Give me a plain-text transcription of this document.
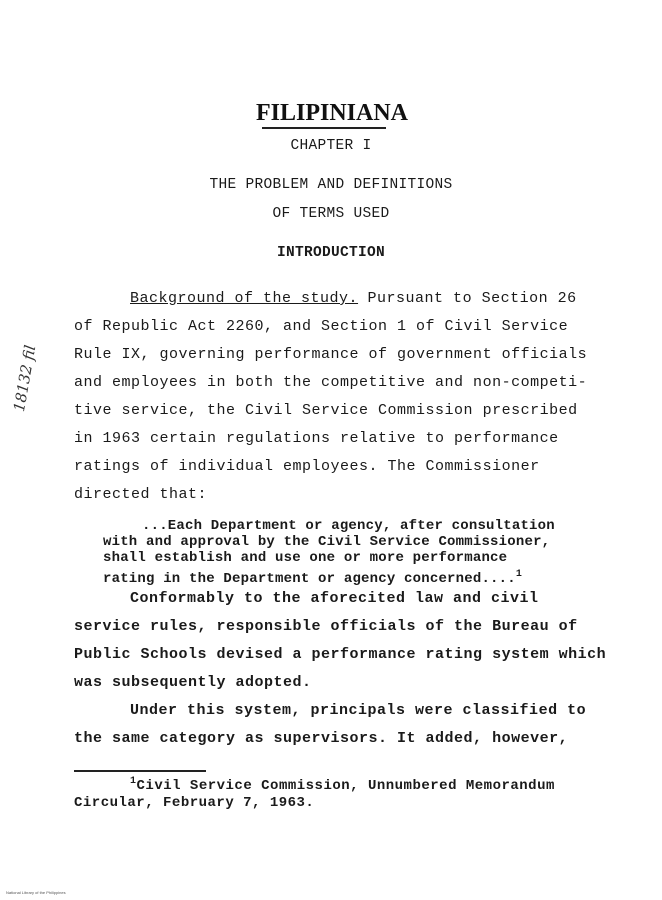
FILIPINIANA
CHAPTER I
THE PROBLEM AND DEFINITIONS
OF TERMS USED
INTRODUCTION
18132 fil
Background of the study. Pursuant to Section 26
of Republic Act 2260, and Section 1 of Civil Service
Rule IX, governing performance of government officials
and employees in both the competitive and non-competi-
tive service, the Civil Service Commission prescribed
in 1963 certain regulations relative to performance
ratings of individual employees. The Commissioner
directed that:
...Each Department or agency, after consultation
with and approval by the Civil Service Commissioner,
shall establish and use one or more performance
rating in the Department or agency concerned....$^1$
Conformably to the aforecited law and civil
service rules, responsible officials of the Bureau of
Public Schools devised a performance rating system which
was subsequently adopted.
Under this system, principals were classified to
the same category as supervisors. It added, however,
$^1$Civil Service Commission, Unnumbered Memorandum
Circular, February 7, 1963.
National Library of the Philippines
